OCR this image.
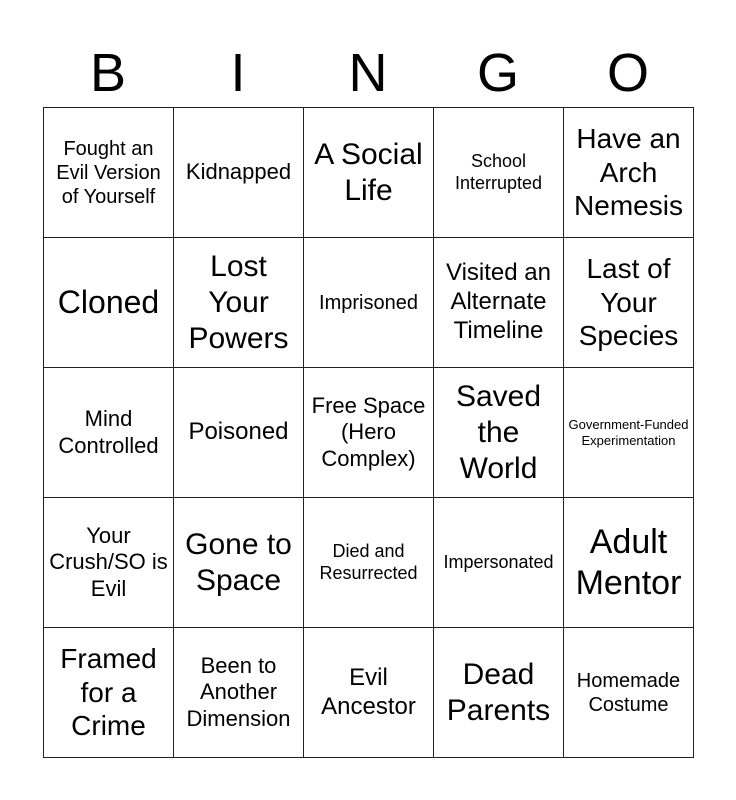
B	I	N	G	O
Fought an Evil Version of Yourself	Kidnapped	A Social Life	School Interrupted	Have an Arch Nemesis
Cloned	Lost Your Powers	Imprisoned	Visited an Alternate Timeline	Last of Your Species
Mind Controlled	Poisoned	Free Space (Hero Complex)	Saved the World	Government-Funded Experimentation
Your Crush/SO is Evil	Gone to Space	Died and Resurrected	Impersonated	Adult Mentor
Framed for a Crime	Been to Another Dimension	Evil Ancestor	Dead Parents	Homemade Costume
